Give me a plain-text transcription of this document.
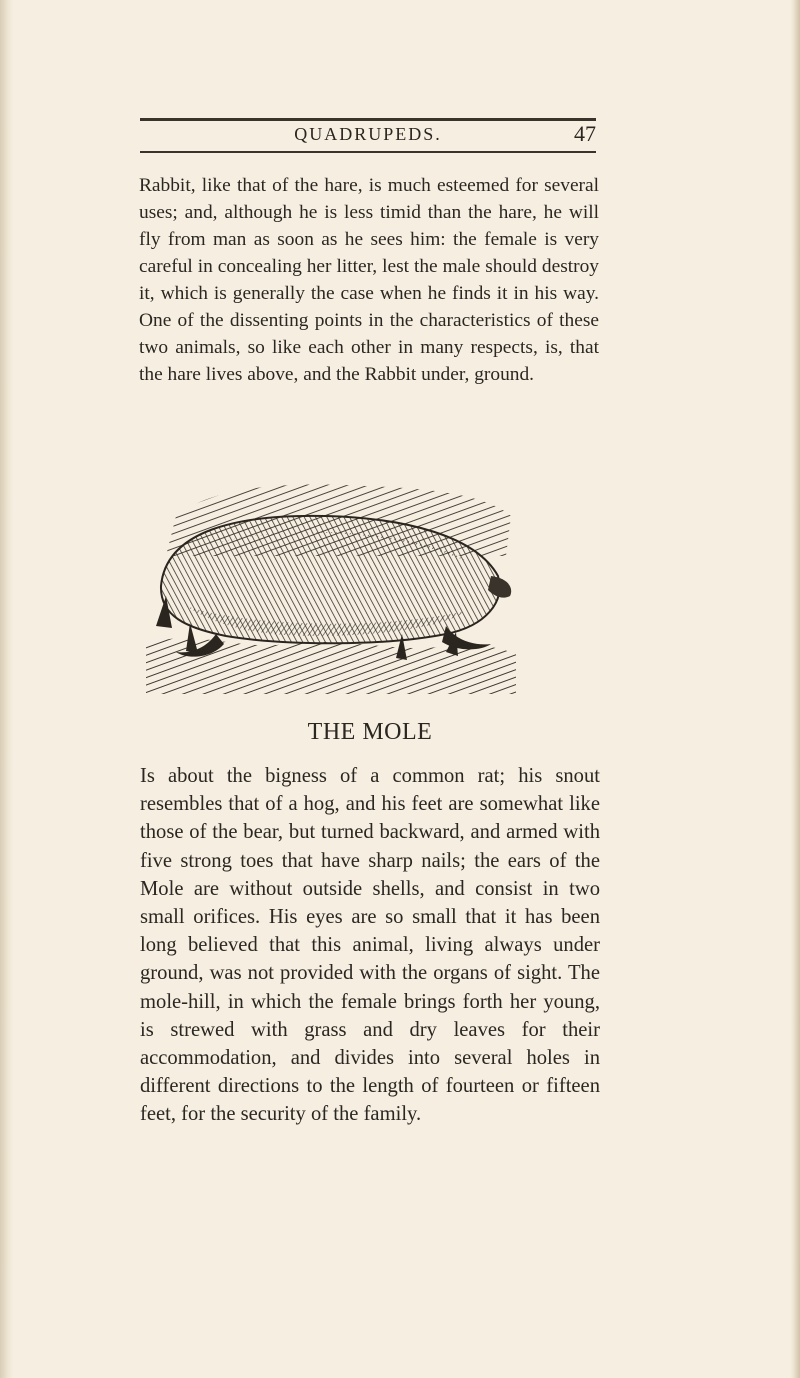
QUADRUPEDS.	47

Rabbit, like that of the hare, is much esteemed for several uses; and, although he is less timid than the hare, he will fly from man as soon as he sees him: the female is very careful in concealing her litter, lest the male should destroy it, which is generally the case when he finds it in his way. One of the dissenting points in the characteristics of these two animals, so like each other in many respects, is, that the hare lives above, and the Rabbit under, ground.

THE MOLE

Is about the bigness of a common rat; his snout resembles that of a hog, and his feet are somewhat like those of the bear, but turned backward, and armed with five strong toes that have sharp nails; the ears of the Mole are without outside shells, and consist in two small orifices. His eyes are so small that it has been long believed that this animal, living always under ground, was not provided with the organs of sight. The mole-hill, in which the female brings forth her young, is strewed with grass and dry leaves for their accommodation, and divides into several holes in different directions to the length of fourteen or fifteen feet, for the security of the family.
